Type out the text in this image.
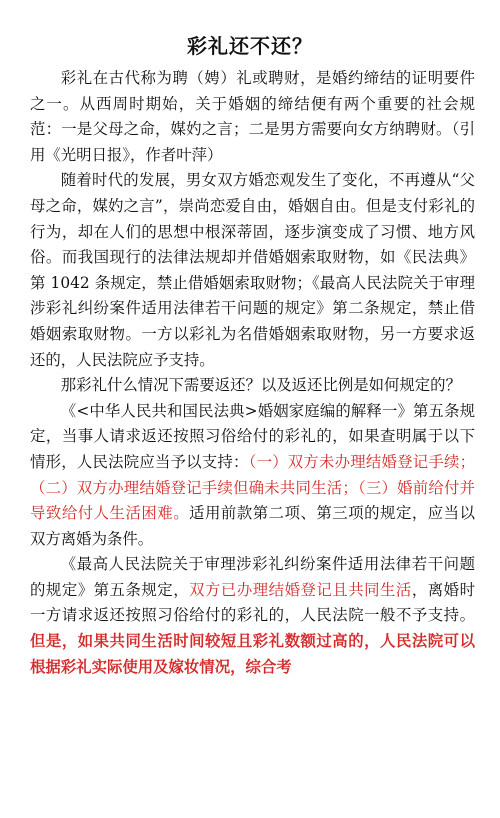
彩礼还不还？

彩礼在古代称为聘（娉）礼或聘财，是婚约缔结的证明要件之一。从西周时期始，关于婚姻的缔结便有两个重要的社会规范：一是父母之命，媒妁之言；二是男方需要向女方纳聘财。（引用《光明日报》，作者叶萍）

随着时代的发展，男女双方婚恋观发生了变化，不再遵从“父母之命，媒妁之言”，崇尚恋爱自由，婚姻自由。但是支付彩礼的行为，却在人们的思想中根深蒂固，逐步演变成了习惯、地方风俗。而我国现行的法律法规却并借婚姻索取财物，如《民法典》第 1042 条规定，禁止借婚姻索取财物；《最高人民法院关于审理涉彩礼纠纷案件适用法律若干问题的规定》第二条规定，禁止借婚姻索取财物。一方以彩礼为名借婚姻索取财物，另一方要求返还的，人民法院应予支持。

那彩礼什么情况下需要返还？以及返还比例是如何规定的？

《<中华人民共和国民法典>婚姻家庭编的解释一》第五条规定，当事人请求返还按照习俗给付的彩礼的，如果查明属于以下情形，人民法院应当予以支持：（一）双方未办理结婚登记手续；（二）双方办理结婚登记手续但确未共同生活；（三）婚前给付并导致给付人生活困难。适用前款第二项、第三项的规定，应当以双方离婚为条件。

《最高人民法院关于审理涉彩礼纠纷案件适用法律若干问题的规定》第五条规定，双方已办理结婚登记且共同生活，离婚时一方请求返还按照习俗给付的彩礼的，人民法院一般不予支持。但是，如果共同生活时间较短且彩礼数额过高的，人民法院可以根据彩礼实际使用及嫁妆情况，综合考
